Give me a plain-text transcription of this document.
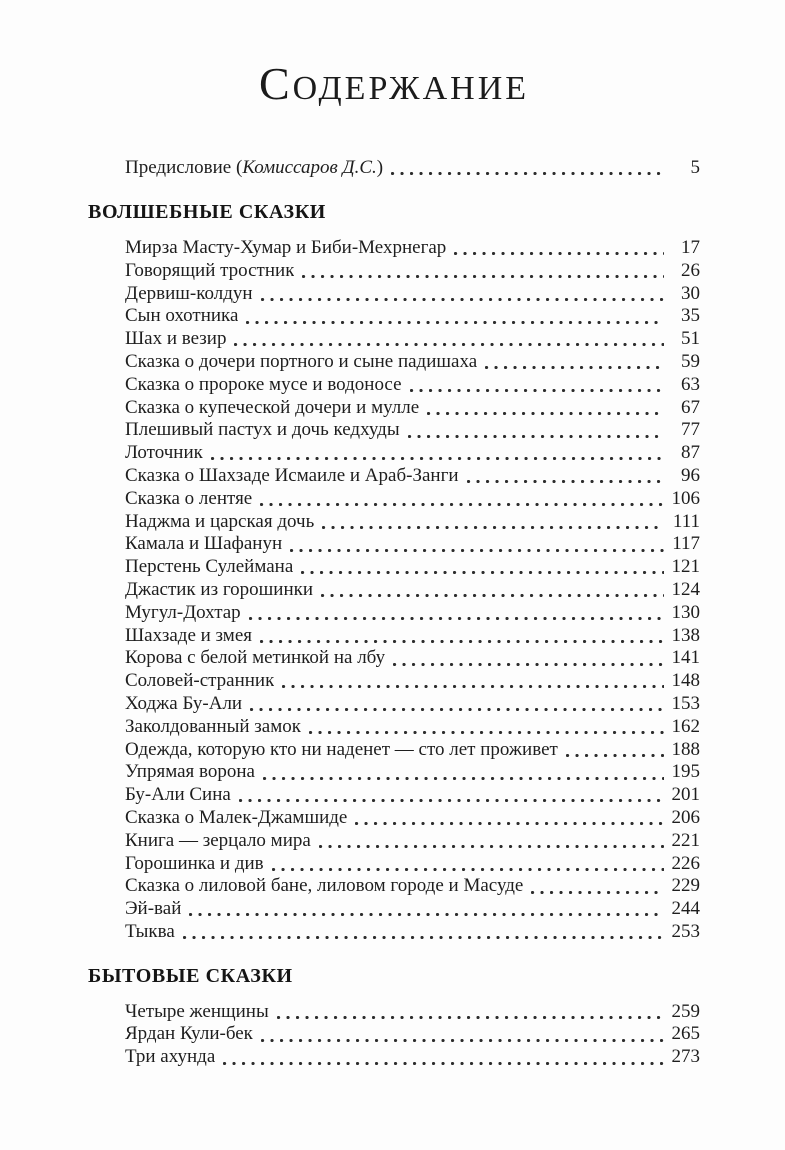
СОДЕРЖАНИЕ
Предисловие (Комиссаров Д.С.)	5
ВОЛШЕБНЫЕ СКАЗКИ
Мирза Масту-Хумар и Биби-Мехрнегар	17
Говорящий тростник	26
Дервиш-колдун	30
Сын охотника	35
Шах и везир	51
Сказка о дочери портного и сыне падишаха	59
Сказка о пророке мусе и водоносе	63
Сказка о купеческой дочери и мулле	67
Плешивый пастух и дочь кедхуды	77
Лоточник	87
Сказка о Шахзаде Исмаиле и Араб-Занги	96
Сказка о лентяе	106
Наджма и царская дочь	111
Камала и Шафанун	117
Перстень Сулеймана	121
Джастик из горошинки	124
Мугул-Дохтар	130
Шахзаде и змея	138
Корова с белой метинкой на лбу	141
Соловей-странник	148
Ходжа Бу-Али	153
Заколдованный замок	162
Одежда, которую кто ни наденет — сто лет проживет	188
Упрямая ворона	195
Бу-Али Сина	201
Сказка о Малек-Джамшиде	206
Книга — зерцало мира	221
Горошинка и див	226
Сказка о лиловой бане, лиловом городе и Масуде	229
Эй-вай	244
Тыква	253
БЫТОВЫЕ СКАЗКИ
Четыре женщины	259
Ярдан Кули-бек	265
Три ахунда	273
